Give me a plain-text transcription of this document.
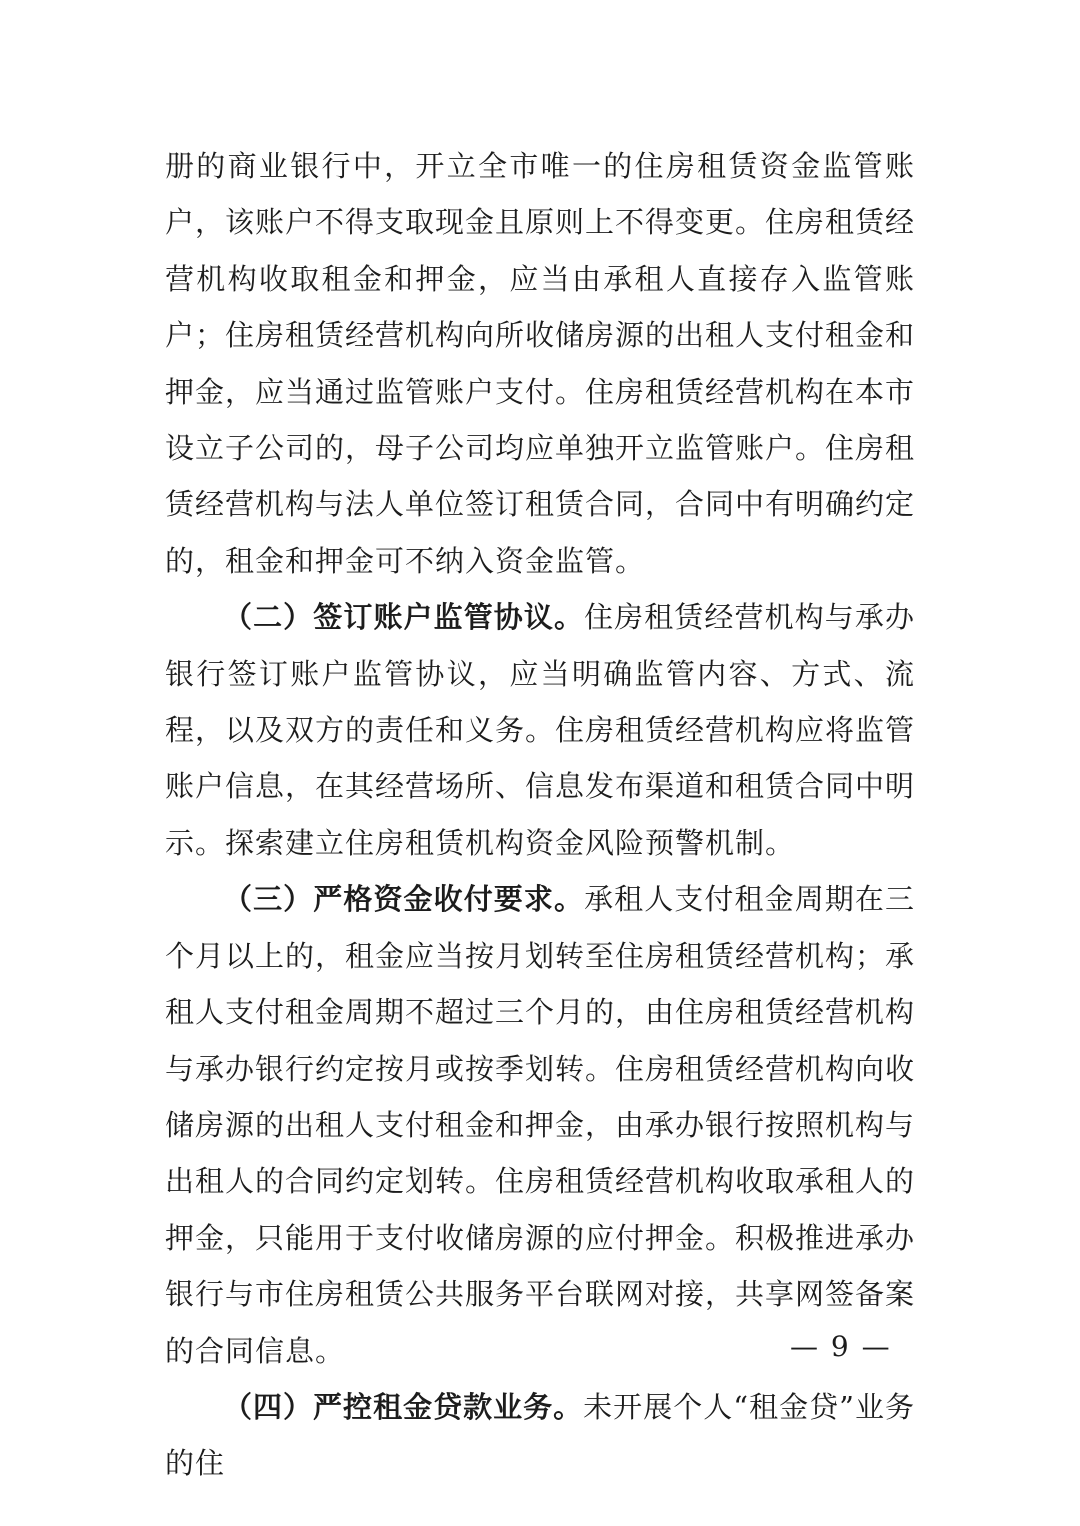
册的商业银行中，开立全市唯一的住房租赁资金监管账户，该账户不得支取现金且原则上不得变更。住房租赁经营机构收取租金和押金，应当由承租人直接存入监管账户；住房租赁经营机构向所收储房源的出租人支付租金和押金，应当通过监管账户支付。住房租赁经营机构在本市设立子公司的，母子公司均应单独开立监管账户。住房租赁经营机构与法人单位签订租赁合同，合同中有明确约定的，租金和押金可不纳入资金监管。

（二）签订账户监管协议。住房租赁经营机构与承办银行签订账户监管协议，应当明确监管内容、方式、流程，以及双方的责任和义务。住房租赁经营机构应将监管账户信息，在其经营场所、信息发布渠道和租赁合同中明示。探索建立住房租赁机构资金风险预警机制。

（三）严格资金收付要求。承租人支付租金周期在三个月以上的，租金应当按月划转至住房租赁经营机构；承租人支付租金周期不超过三个月的，由住房租赁经营机构与承办银行约定按月或按季划转。住房租赁经营机构向收储房源的出租人支付租金和押金，由承办银行按照机构与出租人的合同约定划转。住房租赁经营机构收取承租人的押金，只能用于支付收储房源的应付押金。积极推进承办银行与市住房租赁公共服务平台联网对接，共享网签备案的合同信息。

（四）严控租金贷款业务。未开展个人“租金贷”业务的住

— 9 —
